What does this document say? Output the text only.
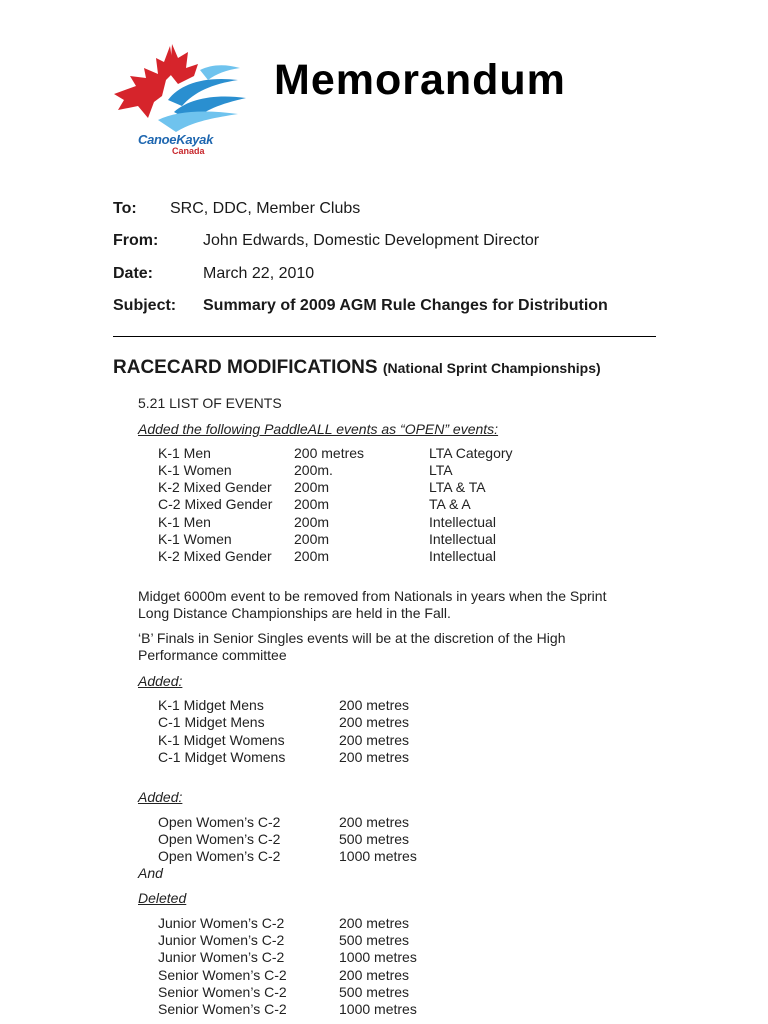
CanoeKayak
Canada
Memorandum
To: SRC, DDC, Member Clubs
From:	John Edwards, Domestic Development Director
Date:	March 22, 2010
Subject: Summary of 2009 AGM Rule Changes for Distribution
RACECARD MODIFICATIONS (National Sprint Championships)
5.21 LIST OF EVENTS
Added the following PaddleALL events as “OPEN” events:
K-1 Men	200 metres	LTA Category
K-1 Women	200m.	LTA
K-2 Mixed Gender 200m	LTA & TA
C-2 Mixed Gender 200m	TA & A
K-1 Men	200m	Intellectual
K-1 Women	200m	Intellectual
K-2 Mixed Gender 200m	Intellectual
Midget 6000m event to be removed from Nationals in years when the Sprint
Long Distance Championships are held in the Fall.
‘B’ Finals in Senior Singles events will be at the discretion of the High
Performance committee
Added:
K-1 Midget Mens	200 metres
C-1 Midget Mens	200 metres
K-1 Midget Womens	200 metres
C-1 Midget Womens	200 metres
Added:
Open Women’s C-2	200 metres
Open Women’s C-2	500 metres
Open Women’s C-2	1000 metres
And
Deleted
Junior Women’s C-2	200 metres
Junior Women’s C-2	500 metres
Junior Women’s C-2	1000 metres
Senior Women’s C-2	200 metres
Senior Women’s C-2	500 metres
Senior Women’s C-2	1000 metres
